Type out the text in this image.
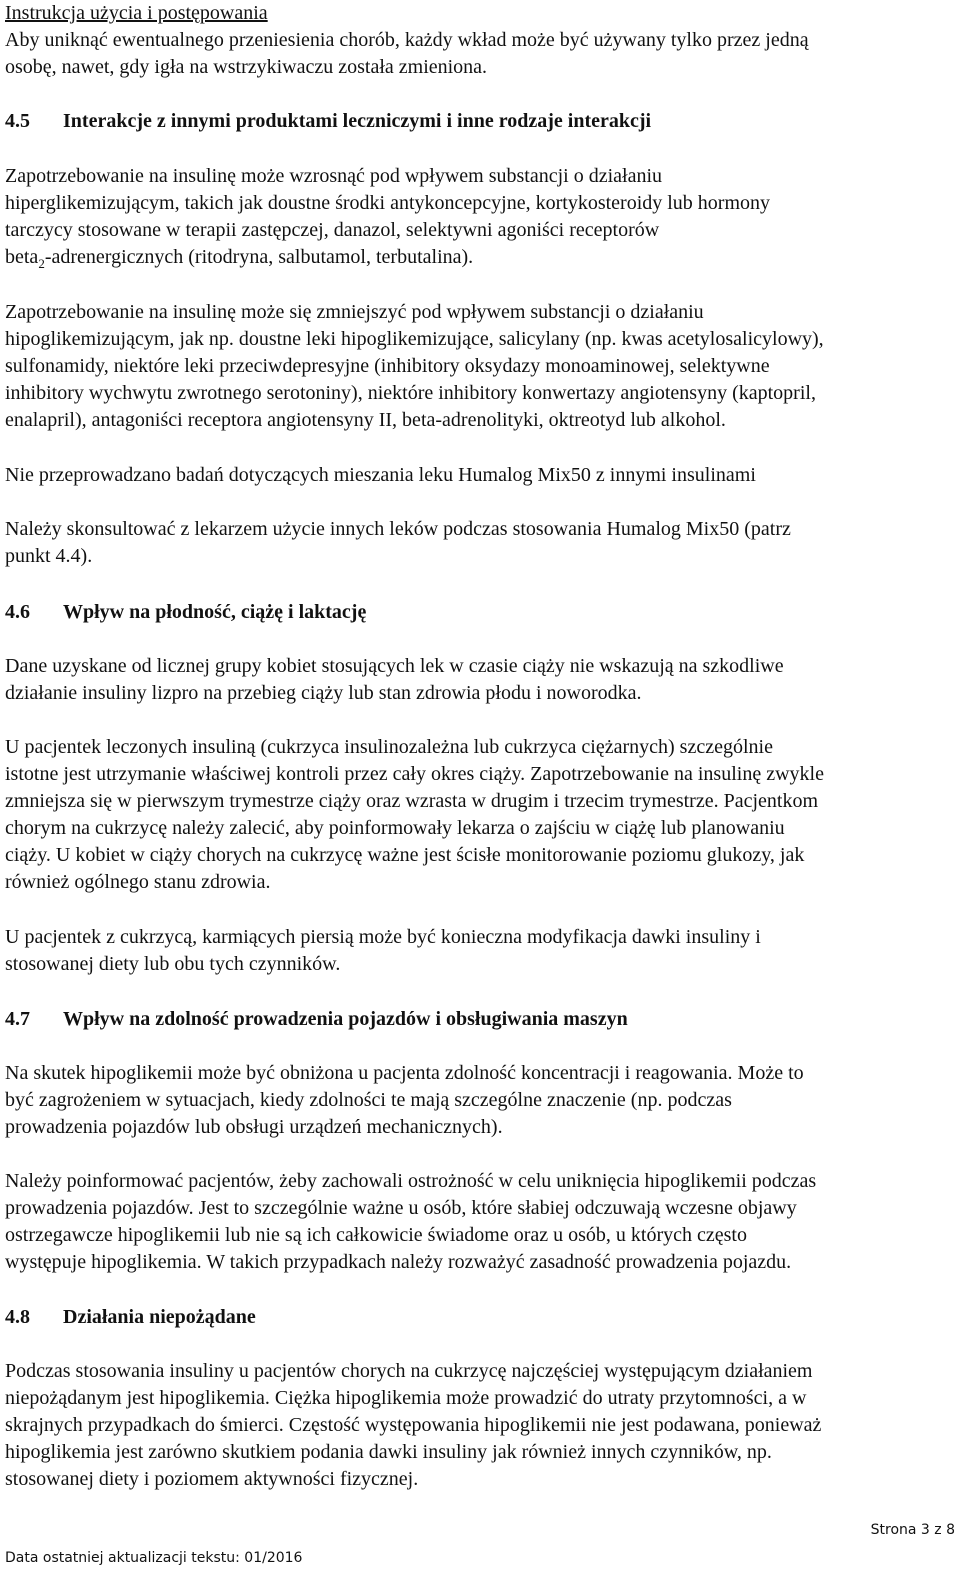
Instrukcja użycia i postępowania
Aby uniknąć ewentualnego przeniesienia chorób, każdy wkład może być używany tylko przez jedną
osobę, nawet, gdy igła na wstrzykiwaczu została zmieniona.
4.5 Interakcje z innymi produktami leczniczymi i inne rodzaje interakcji
Zapotrzebowanie na insulinę może wzrosnąć pod wpływem substancji o działaniu
hiperglikemizującym, takich jak doustne środki antykoncepcyjne, kortykosteroidy lub hormony
tarczycy stosowane w terapii zastępczej, danazol, selektywni agoniści receptorów
beta$_2$-adrenergicznych (ritodryna, salbutamol, terbutalina).
Zapotrzebowanie na insulinę może się zmniejszyć pod wpływem substancji o działaniu
hipoglikemizującym, jak np. doustne leki hipoglikemizujące, salicylany (np. kwas acetylosalicylowy),
sulfonamidy, niektóre leki przeciwdepresyjne (inhibitory oksydazy monoaminowej, selektywne
inhibitory wychwytu zwrotnego serotoniny), niektóre inhibitory konwertazy angiotensyny (kaptopril,
enalapril), antagoniści receptora angiotensyny II, beta-adrenolityki, oktreotyd lub alkohol.
Nie przeprowadzano badań dotyczących mieszania leku Humalog Mix50 z innymi insulinami
Należy skonsultować z lekarzem użycie innych leków podczas stosowania Humalog Mix50 (patrz
punkt 4.4).
4.6 Wpływ na płodność, ciążę i laktację
Dane uzyskane od licznej grupy kobiet stosujących lek w czasie ciąży nie wskazują na szkodliwe
działanie insuliny lizpro na przebieg ciąży lub stan zdrowia płodu i noworodka.
U pacjentek leczonych insuliną (cukrzyca insulinozależna lub cukrzyca ciężarnych) szczególnie
istotne jest utrzymanie właściwej kontroli przez cały okres ciąży. Zapotrzebowanie na insulinę zwykle
zmniejsza się w pierwszym trymestrze ciąży oraz wzrasta w drugim i trzecim trymestrze. Pacjentkom
chorym na cukrzycę należy zalecić, aby poinformowały lekarza o zajściu w ciążę lub planowaniu
ciąży. U kobiet w ciąży chorych na cukrzycę ważne jest ścisłe monitorowanie poziomu glukozy, jak
również ogólnego stanu zdrowia.
U pacjentek z cukrzycą, karmiących piersią może być konieczna modyfikacja dawki insuliny i
stosowanej diety lub obu tych czynników.
4.7 Wpływ na zdolność prowadzenia pojazdów i obsługiwania maszyn
Na skutek hipoglikemii może być obniżona u pacjenta zdolność koncentracji i reagowania. Może to
być zagrożeniem w sytuacjach, kiedy zdolności te mają szczególne znaczenie (np. podczas
prowadzenia pojazdów lub obsługi urządzeń mechanicznych).
Należy poinformować pacjentów, żeby zachowali ostrożność w celu uniknięcia hipoglikemii podczas
prowadzenia pojazdów. Jest to szczególnie ważne u osób, które słabiej odczuwają wczesne objawy
ostrzegawcze hipoglikemii lub nie są ich całkowicie świadome oraz u osób, u których często
występuje hipoglikemia. W takich przypadkach należy rozważyć zasadność prowadzenia pojazdu.
4.8 Działania niepożądane
Podczas stosowania insuliny u pacjentów chorych na cukrzycę najczęściej występującym działaniem
niepożądanym jest hipoglikemia. Ciężka hipoglikemia może prowadzić do utraty przytomności, a w
skrajnych przypadkach do śmierci. Częstość występowania hipoglikemii nie jest podawana, ponieważ
hipoglikemia jest zarówno skutkiem podania dawki insuliny jak również innych czynników, np.
stosowanej diety i poziomem aktywności fizycznej.
Strona 3 z 8
Data ostatniej aktualizacji tekstu: 01/2016
